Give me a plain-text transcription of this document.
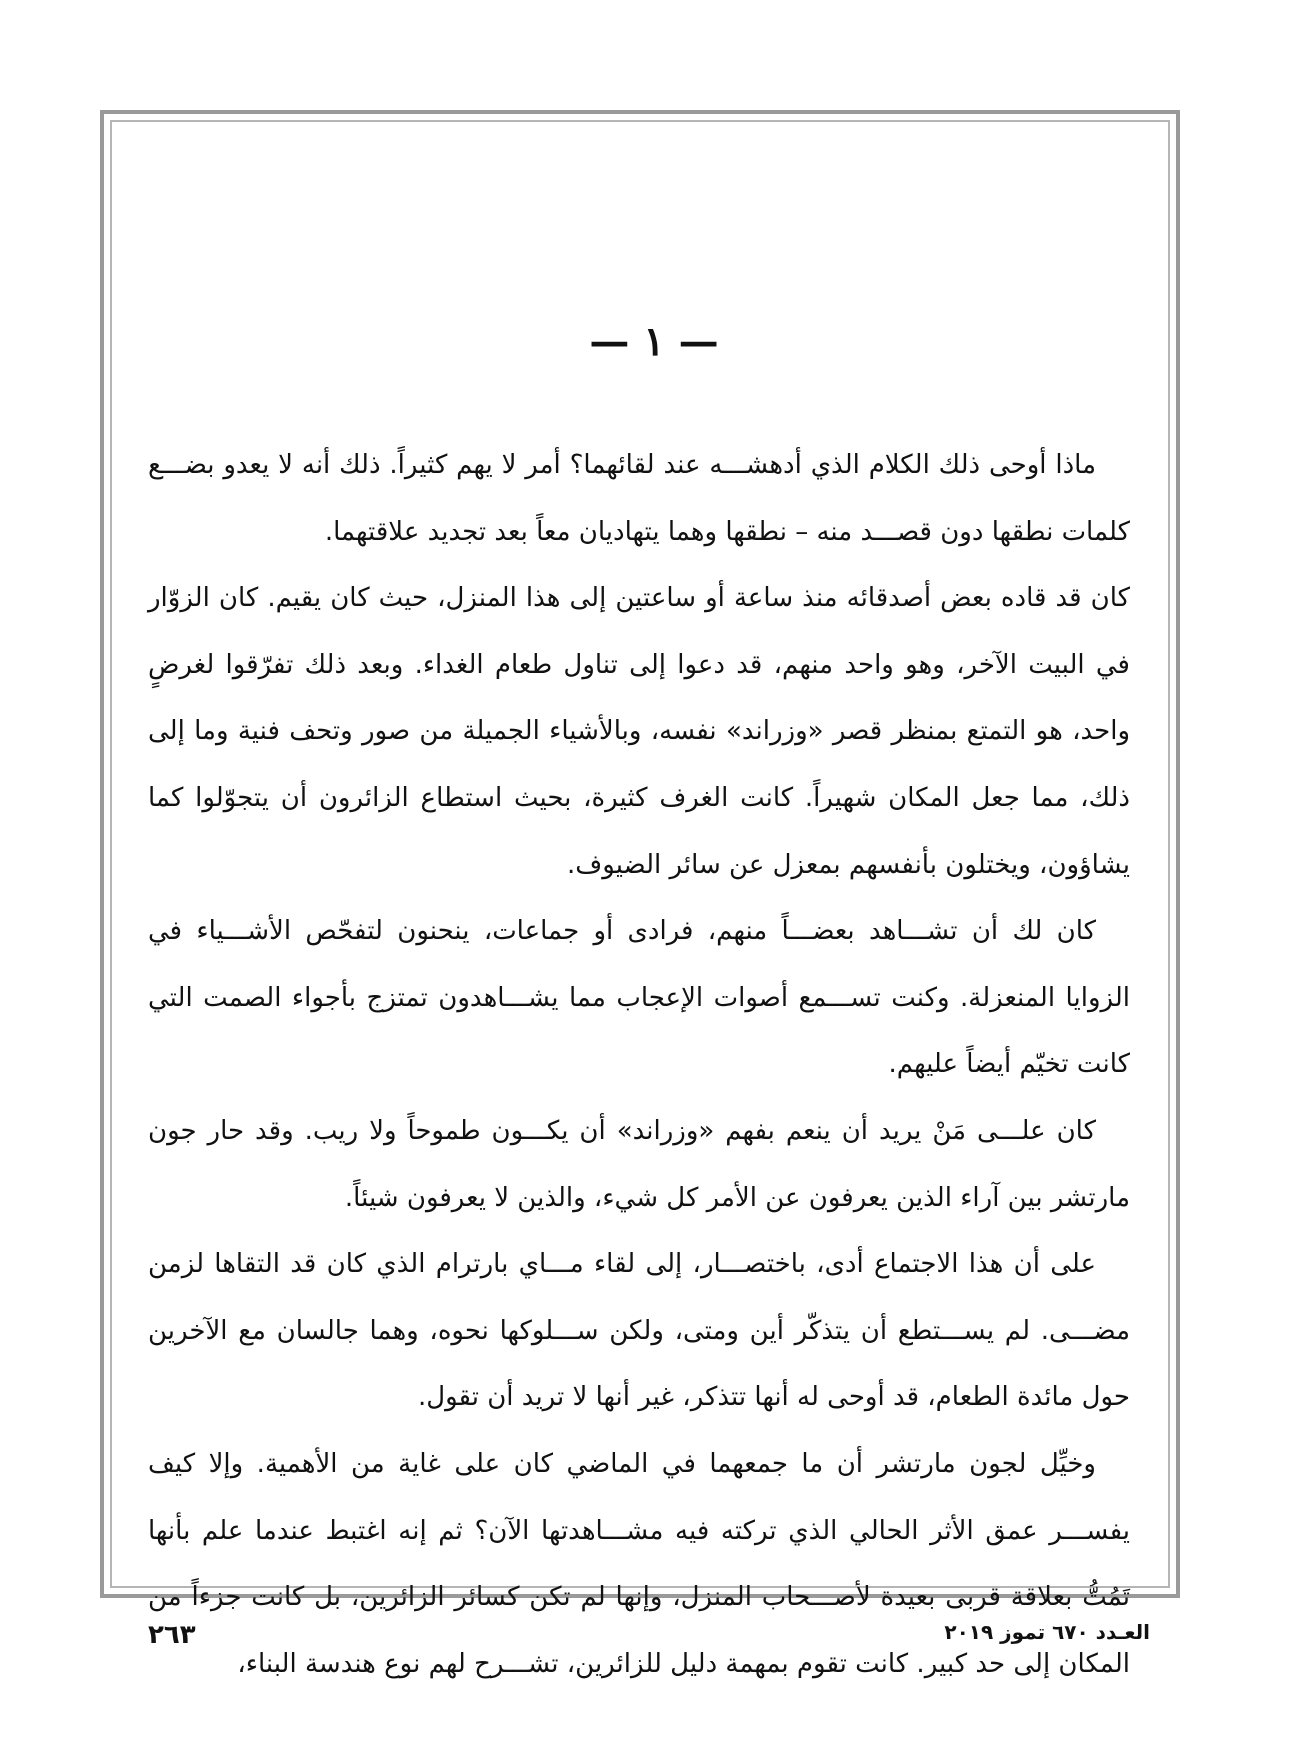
— ١ —

ماذا أوحى ذلك الكلام الذي أدهشـــه عند لقائهما؟ أمر لا يهم كثيراً. ذلك أنه لا يعدو بضـــع كلمات نطقها دون قصـــد منه – نطقها وهما يتهاديان معاً بعد تجديد علاقتهما.

كان قد قاده بعض أصدقائه منذ ساعة أو ساعتين إلى هذا المنزل، حيث كان يقيم. كان الزوّار في البيت الآخر، وهو واحد منهم، قد دعوا إلى تناول طعام الغداء. وبعد ذلك تفرّقوا لغرضٍ واحد، هو التمتع بمنظر قصر «وزراند» نفسه، وبالأشياء الجميلة من صور وتحف فنية وما إلى ذلك، مما جعل المكان شهيراً. كانت الغرف كثيرة، بحيث استطاع الزائرون أن يتجوّلوا كما يشاؤون، ويختلون بأنفسهم بمعزل عن سائر الضيوف.

كان لك أن تشـــاهد بعضـــاً منهم، فرادى أو جماعات، ينحنون لتفحّص الأشـــياء في الزوايا المنعزلة. وكنت تســـمع أصوات الإعجاب مما يشـــاهدون تمتزج بأجواء الصمت التي كانت تخيّم أيضاً عليهم.

كان علـــى مَنْ يريد أن ينعم بفهم «وزراند» أن يكـــون طموحاً ولا ريب. وقد حار جون مارتشر بين آراء الذين يعرفون عن الأمر كل شيء، والذين لا يعرفون شيئاً.

على أن هذا الاجتماع أدى، باختصـــار، إلى لقاء مـــاي بارترام الذي كان قد التقاها لزمن مضـــى. لم يســـتطع أن يتذكّر أين ومتى، ولكن ســـلوكها نحوه، وهما جالسان مع الآخرين حول مائدة الطعام، قد أوحى له أنها تتذكر، غير أنها لا تريد أن تقول.

وخيِّل لجون مارتشر أن ما جمعهما في الماضي كان على غاية من الأهمية. وإلا كيف يفســـر عمق الأثر الحالي الذي تركته فيه مشـــاهدتها الآن؟ ثم إنه اغتبط عندما علم بأنها تَمُتُّ بعلاقة قربى بعيدة لأصـــحاب المنزل، وإنها لم تكن كسائر الزائرين، بل كانت جزءاً من المكان إلى حد كبير. كانت تقوم بمهمة دليل للزائرين، تشـــرح لهم نوع هندسة البناء،

٢٦٣	العـدد ٦٧٠ تموز ٢٠١٩
